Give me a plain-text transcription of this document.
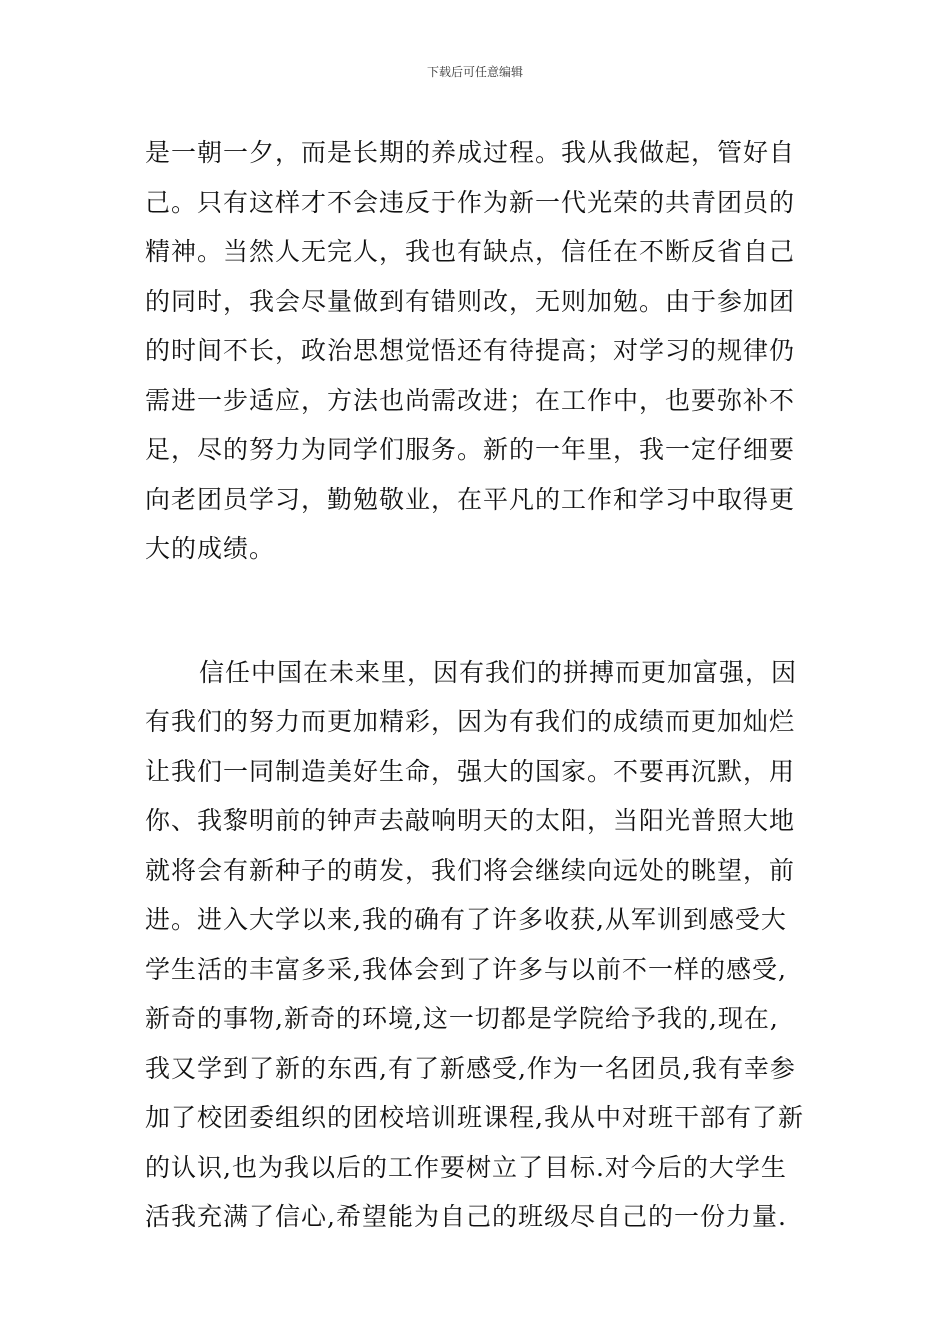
下载后可任意编辑
是一朝一夕，而是长期的养成过程。我从我做起，管好自
己。只有这样才不会违反于作为新一代光荣的共青团员的
精神。当然人无完人，我也有缺点，信任在不断反省自己
的同时，我会尽量做到有错则改，无则加勉。由于参加团
的时间不长，政治思想觉悟还有待提高；对学习的规律仍
需进一步适应，方法也尚需改进；在工作中，也要弥补不
足，尽的努力为同学们服务。新的一年里，我一定仔细要
向老团员学习，勤勉敬业，在平凡的工作和学习中取得更
大的成绩。
信任中国在未来里，因有我们的拼搏而更加富强，因
有我们的努力而更加精彩，因为有我们的成绩而更加灿烂
让我们一同制造美好生命，强大的国家。不要再沉默，用
你、我黎明前的钟声去敲响明天的太阳，当阳光普照大地
就将会有新种子的萌发，我们将会继续向远处的眺望，前
进。进入大学以来,我的确有了许多收获,从军训到感受大
学生活的丰富多采,我体会到了许多与以前不一样的感受,
新奇的事物,新奇的环境,这一切都是学院给予我的,现在,
我又学到了新的东西,有了新感受,作为一名团员,我有幸参
加了校团委组织的团校培训班课程,我从中对班干部有了新
的认识,也为我以后的工作要树立了目标.对今后的大学生
活我充满了信心,希望能为自己的班级尽自己的一份力量.
